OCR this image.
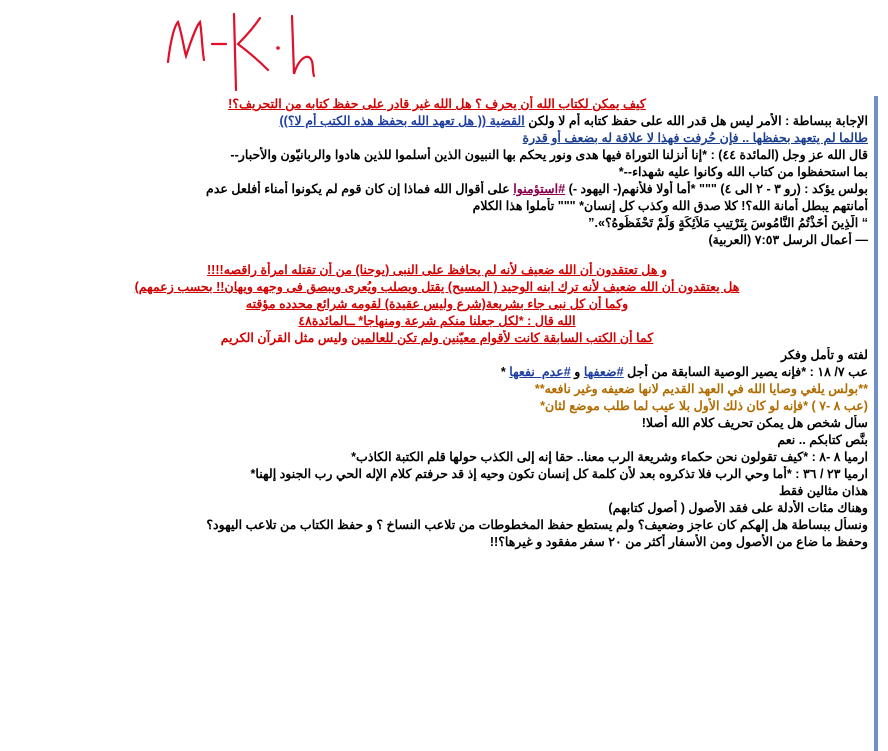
كيف يمكن لكتاب الله أن يحرف ؟ هل الله غير قادر على حفظ كتابه من التحريف؟!
الإجابة ببساطة : الأمر ليس هل قدر الله على حفظ كتابه أم لا ولكن القضية (( هل تعهد الله بحفظ هذه الكتب أم لا؟))
طالما لم يتعهد بحفظها .. فإن حُرفت فهذا لا علاقة له بضعف أو قدرة
قال الله عز وجل (المائدة ٤٤) : *إنا أنزلنا التوراة فيها هدى ونور يحكم بها النبيون الذين أسلموا للذين هادوا والربانيّون والأحبار--
بما استحفظوا من كتاب الله وكانوا عليه شهداء--*
بولس يؤكد : (رو ٣ - ٢ الى ٤) """ *أما أولا فلأنهم(- اليهود -) #استؤمنوا على أقوال الله فماذا إن كان قوم لم يكونوا أمناء أفلعل عدم
أمانتهم يبطل أمانة الله؟! كلا صدق الله وكذب كل إنسان* """ تأملوا هذا الكلام
“ الَّذِينَ أَخَذْتُمُ النَّامُوسَ بِتَرْتِيبِ مَلاَئِكَةٍ وَلَمْ تَحْفَظُوهُ؟».”
— أعمال الرسل ٧:٥٣ (العربية)
و هل تعتقدون أن الله ضعيف لأنه لم يحافظ على النبى (يوحنا) من أن تقتله امرأة راقصه!!!!
هل يعتقدون أن الله ضعيف لأنه ترك ابنه الوحيد ( المسيح) يقتل ويصلب ويُعرى ويبصق فى وجهه ويهان!! بحسب زعمهم)
وكما أن كل نبى جاء بشريعة(شرع وليس عقيدة) لقومه شرائع محدده مؤقته
الله قال : *لكل جعلنا منكم شرعة ومنهاجا* ــالمائدة٤٨
كما أن الكتب السابقة كانت لأقوام معيّنين ولم تكن للعالمين وليس مثل القرآن الكريم
لفته و تأمل وفكر
عب ٧/ ١٨ : *فإنه يصير الوصية السابقة من أجل #ضعفها و #عدم_نفعها *
**بولس يلغي وصايا الله في العهد القديم لانها ضعيفه وغير نافعه**
(عب ٨ -٧ ) *فإنه لو كان ذلك الأول بلا عيب لما طلب موضع لثان*
سأل شخص هل يمكن تحريف كلام الله أصلا!
بنَّص كتابكم .. نعم
ارميا ٨ -٨ : *كيف تقولون نحن حكماء وشريعة الرب معنا.. حقا إنه إلى الكذب حولها قلم الكتبة الكاذب*
ارميا ٢٣ / ٣٦ : *أما وحي الرب فلا تذكروه بعد لأن كلمة كل إنسان تكون وحيه إذ قد حرفتم كلام الإله الحي رب الجنود إلهنا*
هذان مثالين فقط
وهناك مئات الأدلة على فقد الأصول ( أصول كتابهم)
ونسأل ببساطة هل إلهكم كان عاجز وضعيف؟ ولم يستطع حفظ المخطوطات من تلاعب النساخ ؟ و حفظ الكتاب من تلاعب اليهود؟
وحفظ ما ضاع من الأصول ومن الأسفار أكثر من ٢٠ سفر مفقود و غيرها؟!!
